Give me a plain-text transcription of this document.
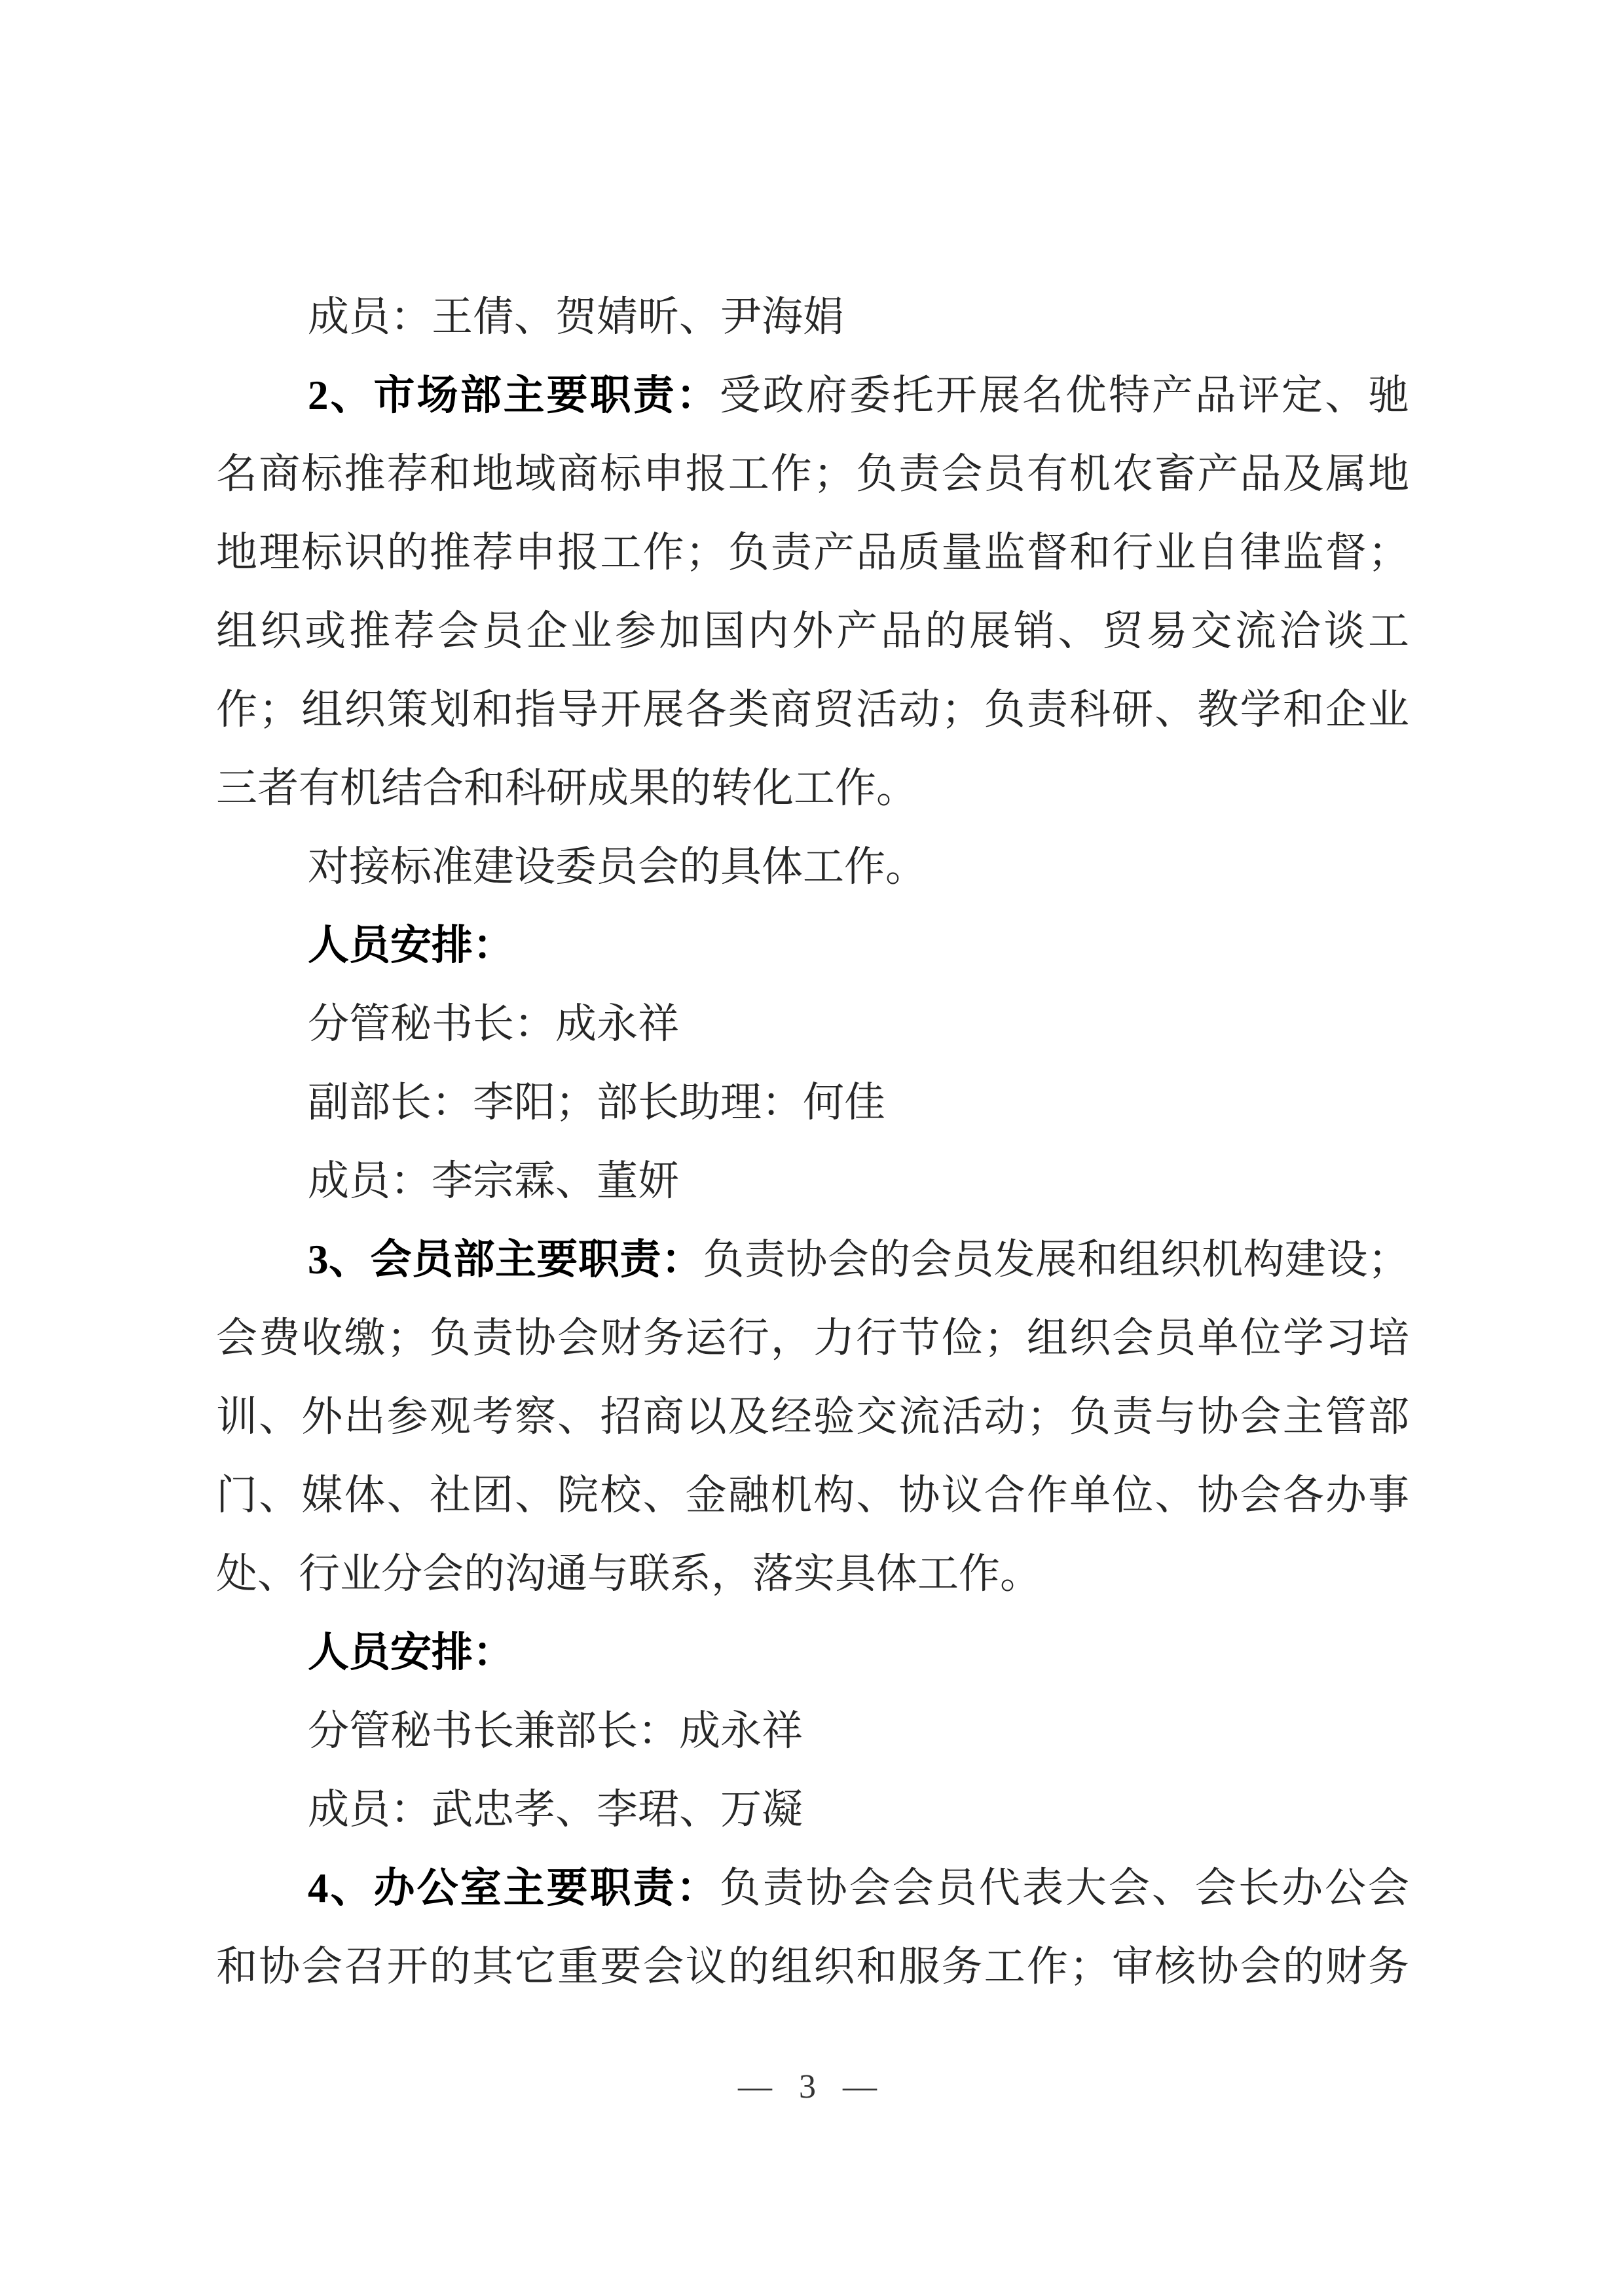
成员：王倩、贺婧昕、尹海娟
2、市场部主要职责：受政府委托开展名优特产品评定、驰
名商标推荐和地域商标申报工作；负责会员有机农畜产品及属地
地理标识的推荐申报工作；负责产品质量监督和行业自律监督；
组织或推荐会员企业参加国内外产品的展销、贸易交流洽谈工
作；组织策划和指导开展各类商贸活动；负责科研、教学和企业
三者有机结合和科研成果的转化工作。
对接标准建设委员会的具体工作。
人员安排：
分管秘书长：成永祥
副部长：李阳；部长助理：何佳
成员：李宗霖、董妍
3、会员部主要职责：负责协会的会员发展和组织机构建设；
会费收缴；负责协会财务运行，力行节俭；组织会员单位学习培
训、外出参观考察、招商以及经验交流活动；负责与协会主管部
门、媒体、社团、院校、金融机构、协议合作单位、协会各办事
处、行业分会的沟通与联系，落实具体工作。
人员安排：
分管秘书长兼部长：成永祥
成员：武忠孝、李珺、万凝
4、办公室主要职责：负责协会会员代表大会、会长办公会
和协会召开的其它重要会议的组织和服务工作；审核协会的财务
— 3 —
